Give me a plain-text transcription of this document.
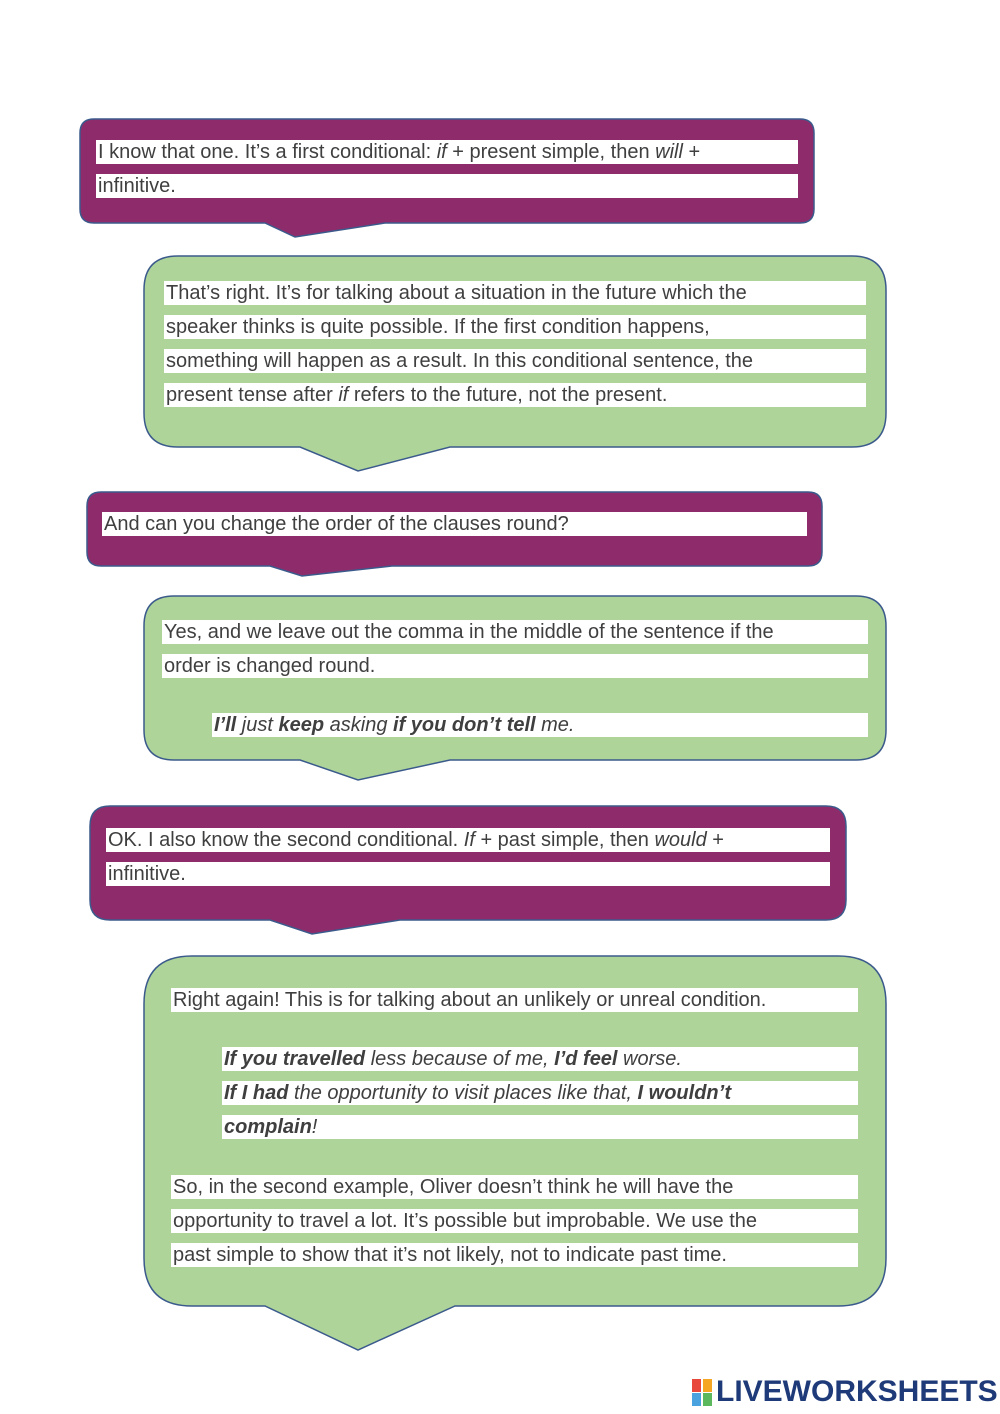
I know that one. It’s a first conditional: if + present simple, then will +
infinitive.
That’s right. It’s for talking about a situation in the future which the
speaker thinks is quite possible. If the first condition happens,
something will happen as a result. In this conditional sentence, the
present tense after if refers to the future, not the present.
And can you change the order of the clauses round?
Yes, and we leave out the comma in the middle of the sentence if the
order is changed round.
I’ll just keep asking if you don’t tell me.
OK. I also know the second conditional. If + past simple, then would +
infinitive.
Right again! This is for talking about an unlikely or unreal condition.
If you travelled less because of me, I’d feel worse.
If I had the opportunity to visit places like that, I wouldn’t
complain!
So, in the second example, Oliver doesn’t think he will have the
opportunity to travel a lot. It’s possible but improbable. We use the
past simple to show that it’s not likely, not to indicate past time.
LIVEWORKSHEETS
